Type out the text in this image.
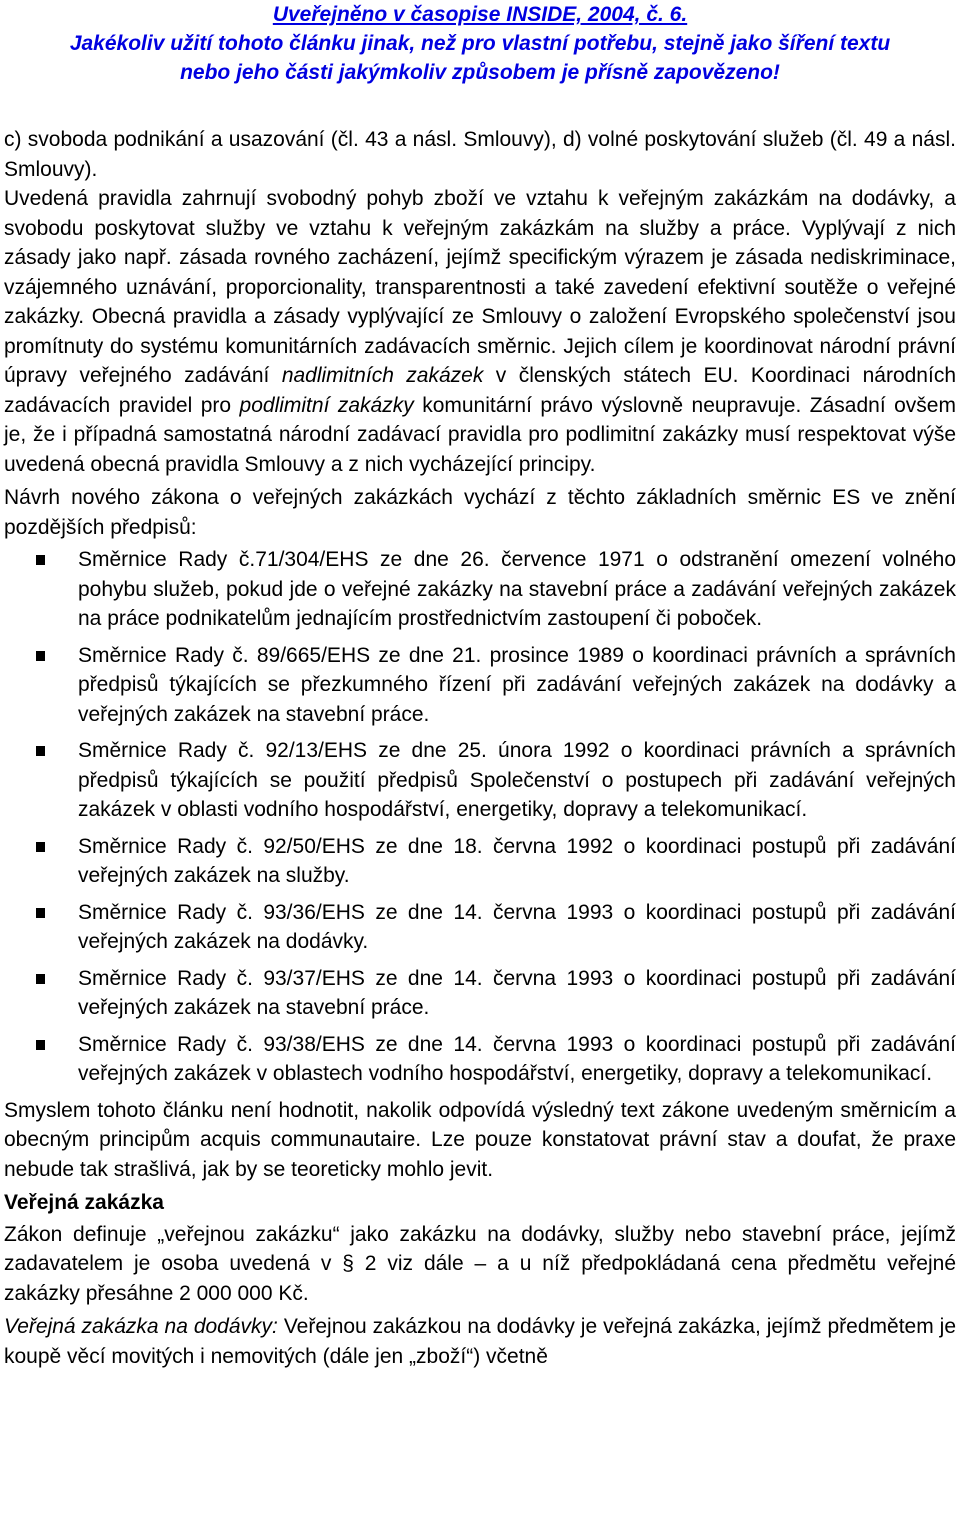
Uveřejněno v časopise INSIDE, 2004, č. 6.
Jakékoliv užití tohoto článku jinak, než pro vlastní potřebu, stejně jako šíření textu
nebo jeho části jakýmkoliv způsobem je přísně zapovězeno!

c) svoboda podnikání a usazování (čl. 43 a násl. Smlouvy), d) volné poskytování služeb (čl. 49 a násl. Smlouvy).

Uvedená pravidla zahrnují svobodný pohyb zboží ve vztahu k veřejným zakázkám na dodávky, a svobodu poskytovat služby ve vztahu k veřejným zakázkám na služby a práce. Vyplývají z nich zásady jako např. zásada rovného zacházení, jejímž specifickým výrazem je zásada nediskriminace, vzájemného uznávání, proporcionality, transparentnosti a také zavedení efektivní soutěže o veřejné zakázky. Obecná pravidla a zásady vyplývající ze Smlouvy o založení Evropského společenství jsou promítnuty do systému komunitárních zadávacích směrnic. Jejich cílem je koordinovat národní právní úpravy veřejného zadávání nadlimitních zakázek v členských státech EU. Koordinaci národních zadávacích pravidel pro podlimitní zakázky komunitární právo výslovně neupravuje. Zásadní ovšem je, že i případná samostatná národní zadávací pravidla pro podlimitní zakázky musí respektovat výše uvedená obecná pravidla Smlouvy a z nich vycházející principy.

Návrh nového zákona o veřejných zakázkách vychází z těchto základních směrnic ES ve znění pozdějších předpisů:

Směrnice Rady č.71/304/EHS ze dne 26. července 1971 o odstranění omezení volného pohybu služeb, pokud jde o veřejné zakázky na stavební práce a zadávání veřejných zakázek na práce podnikatelům jednajícím prostřednictvím zastoupení či poboček.
Směrnice Rady č. 89/665/EHS ze dne 21. prosince 1989 o koordinaci právních a správních předpisů týkajících se přezkumného řízení při zadávání veřejných zakázek na dodávky a veřejných zakázek na stavební práce.
Směrnice Rady č. 92/13/EHS ze dne 25. února 1992 o koordinaci právních a správních předpisů týkajících se použití předpisů Společenství o postupech při zadávání veřejných zakázek v oblasti vodního hospodářství, energetiky, dopravy a telekomunikací.
Směrnice Rady č. 92/50/EHS ze dne 18. června 1992 o koordinaci postupů při zadávání veřejných zakázek na služby.
Směrnice Rady č. 93/36/EHS ze dne 14. června 1993 o koordinaci postupů při zadávání veřejných zakázek na dodávky.
Směrnice Rady č. 93/37/EHS ze dne 14. června 1993 o koordinaci postupů při zadávání veřejných zakázek na stavební práce.
Směrnice Rady č. 93/38/EHS ze dne 14. června 1993 o koordinaci postupů při zadávání veřejných zakázek v oblastech vodního hospodářství, energetiky, dopravy a telekomunikací.

Smyslem tohoto článku není hodnotit, nakolik odpovídá výsledný text zákone uvedeným směrnicím a obecným principům acquis communautaire. Lze pouze konstatovat právní stav a doufat, že praxe nebude tak strašlivá, jak by se teoreticky mohlo jevit.

Veřejná zakázka

Zákon definuje „veřejnou zakázku“ jako zakázku na dodávky, služby nebo stavební práce, jejímž zadavatelem je osoba uvedená v § 2 viz dále – a u níž předpokládaná cena předmětu veřejné zakázky přesáhne 2 000 000 Kč.

Veřejná zakázka na dodávky: Veřejnou zakázkou na dodávky je veřejná zakázka, jejímž předmětem je koupě věcí movitých i nemovitých (dále jen „zboží“) včetně
